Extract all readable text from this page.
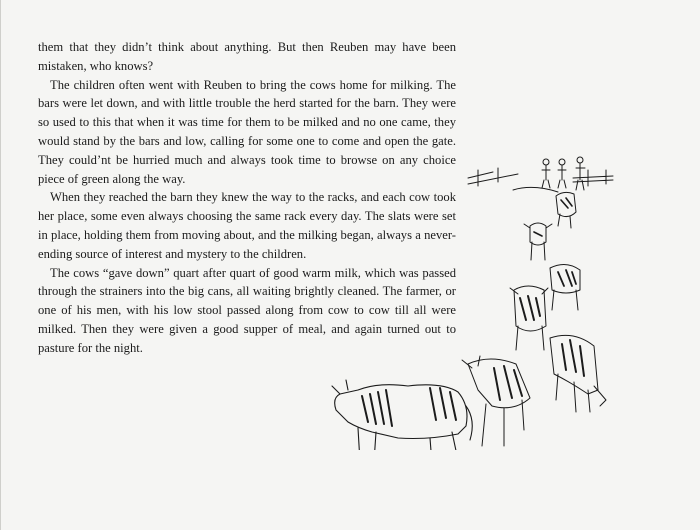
them that they didn’t think about anything. But then Reuben may have been mistaken, who knows?

The children often went with Reuben to bring the cows home for milking. The bars were let down, and with little trouble the herd started for the barn. They were so used to this that when it was time for them to be milked and no one came, they would stand by the bars and low, calling for some one to come and open the gate. They could’nt be hurried much and always took time to browse on any choice piece of green along the way.

When they reached the barn they knew the way to the racks, and each cow took her place, some even always choosing the same rack every day. The slats were set in place, holding them from moving about, and the milking began, always a never-ending source of interest and mystery to the children.

The cows “gave down” quart after quart of good warm milk, which was passed through the strainers into the big cans, all waiting brightly cleaned. The farmer, or one of his men, with his low stool passed along from cow to cow till all were milked. Then they were given a good supper of meal, and again turned out to pasture for the night.
